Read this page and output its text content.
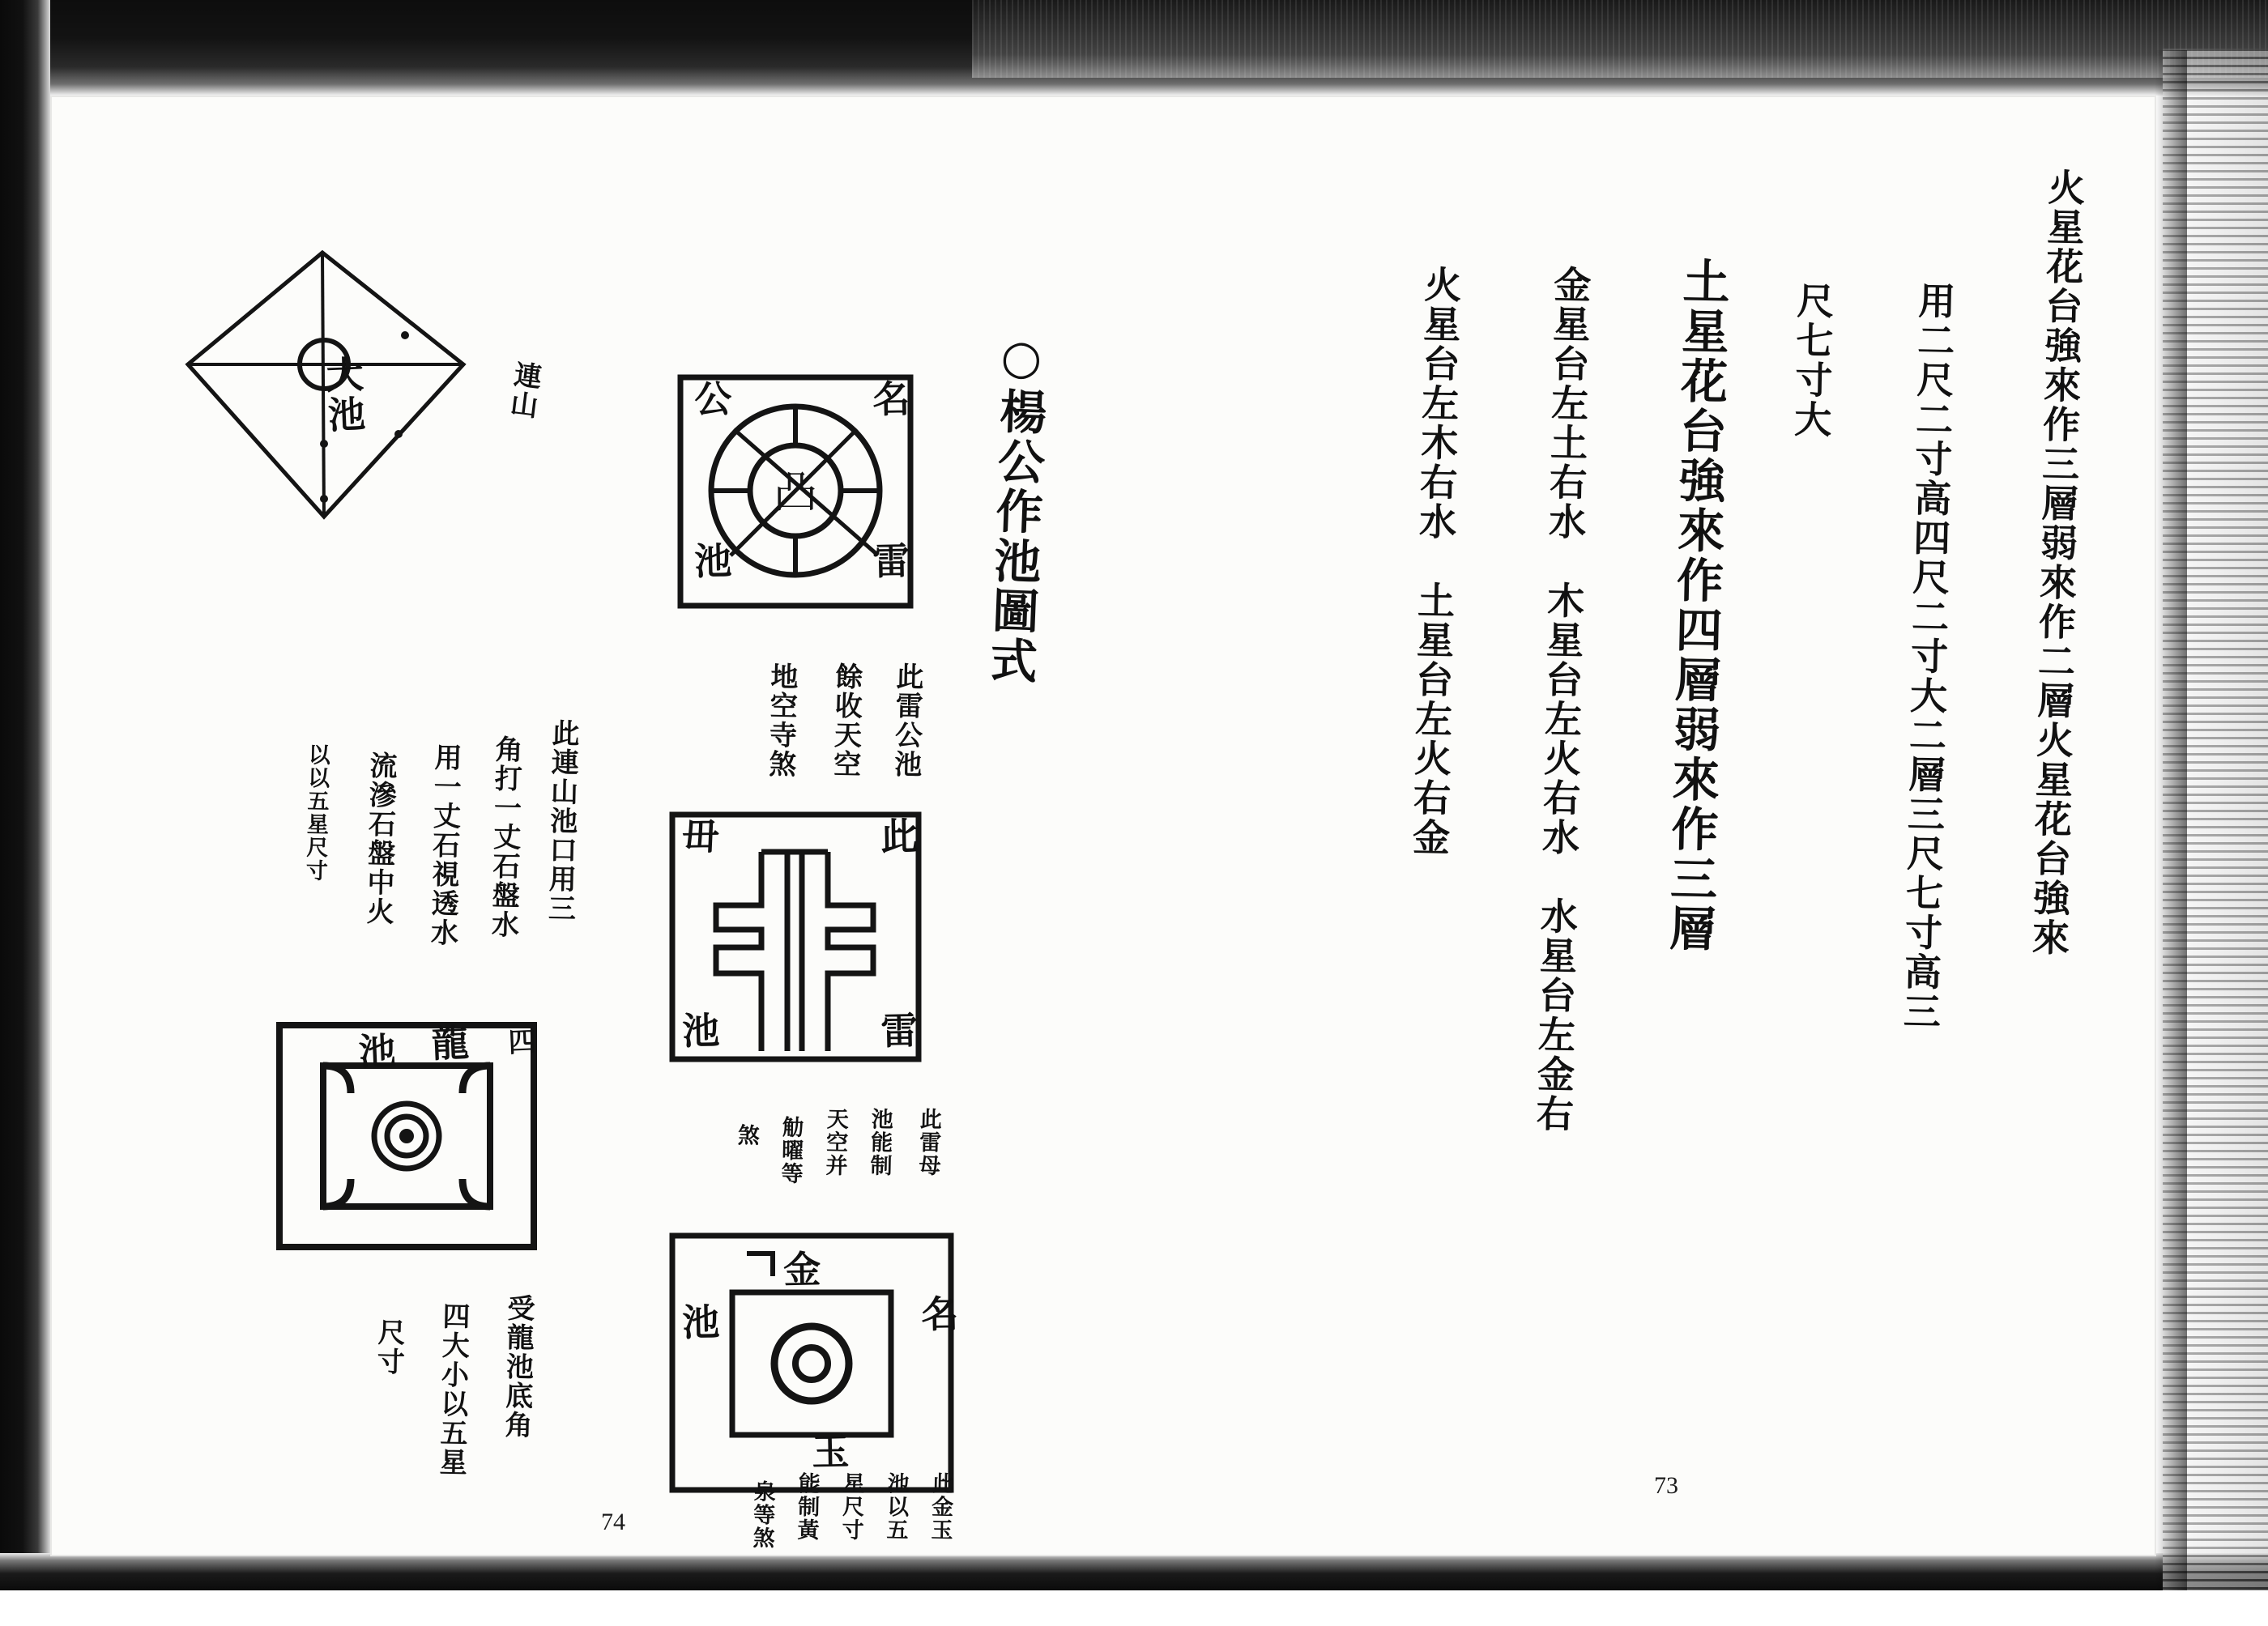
火星花台強來作三層弱來作二層火星花台強來
用二尺二寸高四尺二寸大二層三尺七寸高三
尺七寸大
土星花台強來作四層弱來作三層
金星台左土右水　木星台左火右水　水星台左金右
火星台左木右水　土星台左火右金
73
○楊公作池圖式
大池	連山
此連山池口用三
角打一丈石盤水
用一丈石視透水
流滲石盤中火
以以五星尺寸
凸
公	名
池	雷
此雷公池
餘收天空
地空寺煞
毌	此
池	雷
此雷母
池能制
天空并
觔曜等
煞
金
名
池
玉
此金玉
池以五
星尺寸
能制黃
泉等煞
池 龍 四
受龍池底角
四大小以五星
尺寸
74
